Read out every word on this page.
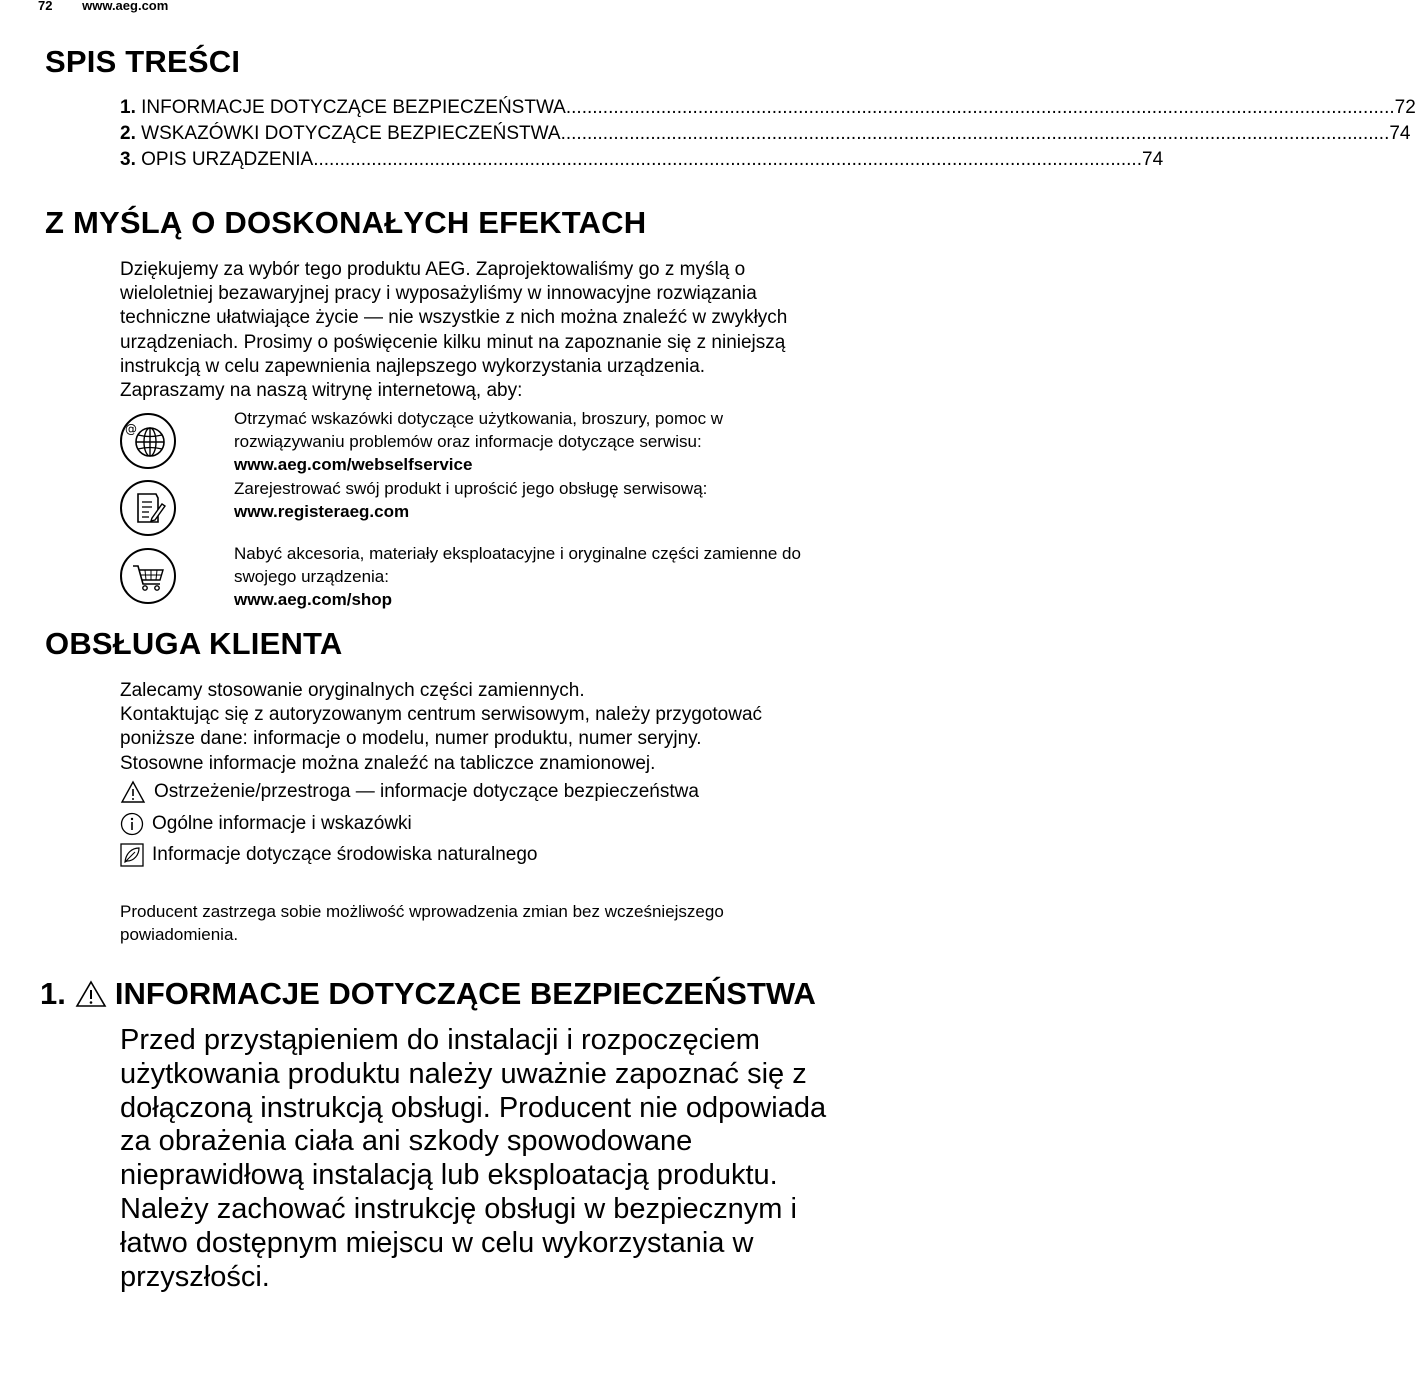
72 www.aeg.com
SPIS TREŚCI
1. INFORMACJE DOTYCZĄCE BEZPIECZEŃSTWA ............................................................................................................................................................. 72
2. WSKAZÓWKI DOTYCZĄCE BEZPIECZEŃSTWA ............................................................................................................................................................. 74
3. OPIS URZĄDZENIA ............................................................................................................................................................. 74
Z MYŚLĄ O DOSKONAŁYCH EFEKTACH
Dziękujemy za wybór tego produktu AEG. Zaprojektowaliśmy go z myślą o
wieloletniej bezawaryjnej pracy i wyposażyliśmy w innowacyjne rozwiązania
techniczne ułatwiające życie — nie wszystkie z nich można znaleźć w zwykłych
urządzeniach. Prosimy o poświęcenie kilku minut na zapoznanie się z niniejszą
instrukcją w celu zapewnienia najlepszego wykorzystania urządzenia.
Zapraszamy na naszą witrynę internetową, aby:
@
Otrzymać wskazówki dotyczące użytkowania, broszury, pomoc w
rozwiązywaniu problemów oraz informacje dotyczące serwisu:
www.aeg.com/webselfservice
Zarejestrować swój produkt i uprościć jego obsługę serwisową:
www.registeraeg.com
Nabyć akcesoria, materiały eksploatacyjne i oryginalne części zamienne do
swojego urządzenia:
www.aeg.com/shop
OBSŁUGA KLIENTA
Zalecamy stosowanie oryginalnych części zamiennych.
Kontaktując się z autoryzowanym centrum serwisowym, należy przygotować
poniższe dane: informacje o modelu, numer produktu, numer seryjny.
Stosowne informacje można znaleźć na tabliczce znamionowej.
Ostrzeżenie/przestroga — informacje dotyczące bezpieczeństwa
Ogólne informacje i wskazówki
Informacje dotyczące środowiska naturalnego
Producent zastrzega sobie możliwość wprowadzenia zmian bez wcześniejszego
powiadomienia.
1. INFORMACJE DOTYCZĄCE BEZPIECZEŃSTWA
Przed przystąpieniem do instalacji i rozpoczęciem
użytkowania produktu należy uważnie zapoznać się z
dołączoną instrukcją obsługi. Producent nie odpowiada
za obrażenia ciała ani szkody spowodowane
nieprawidłową instalacją lub eksploatacją produktu.
Należy zachować instrukcję obsługi w bezpiecznym i
łatwo dostępnym miejscu w celu wykorzystania w
przyszłości.
